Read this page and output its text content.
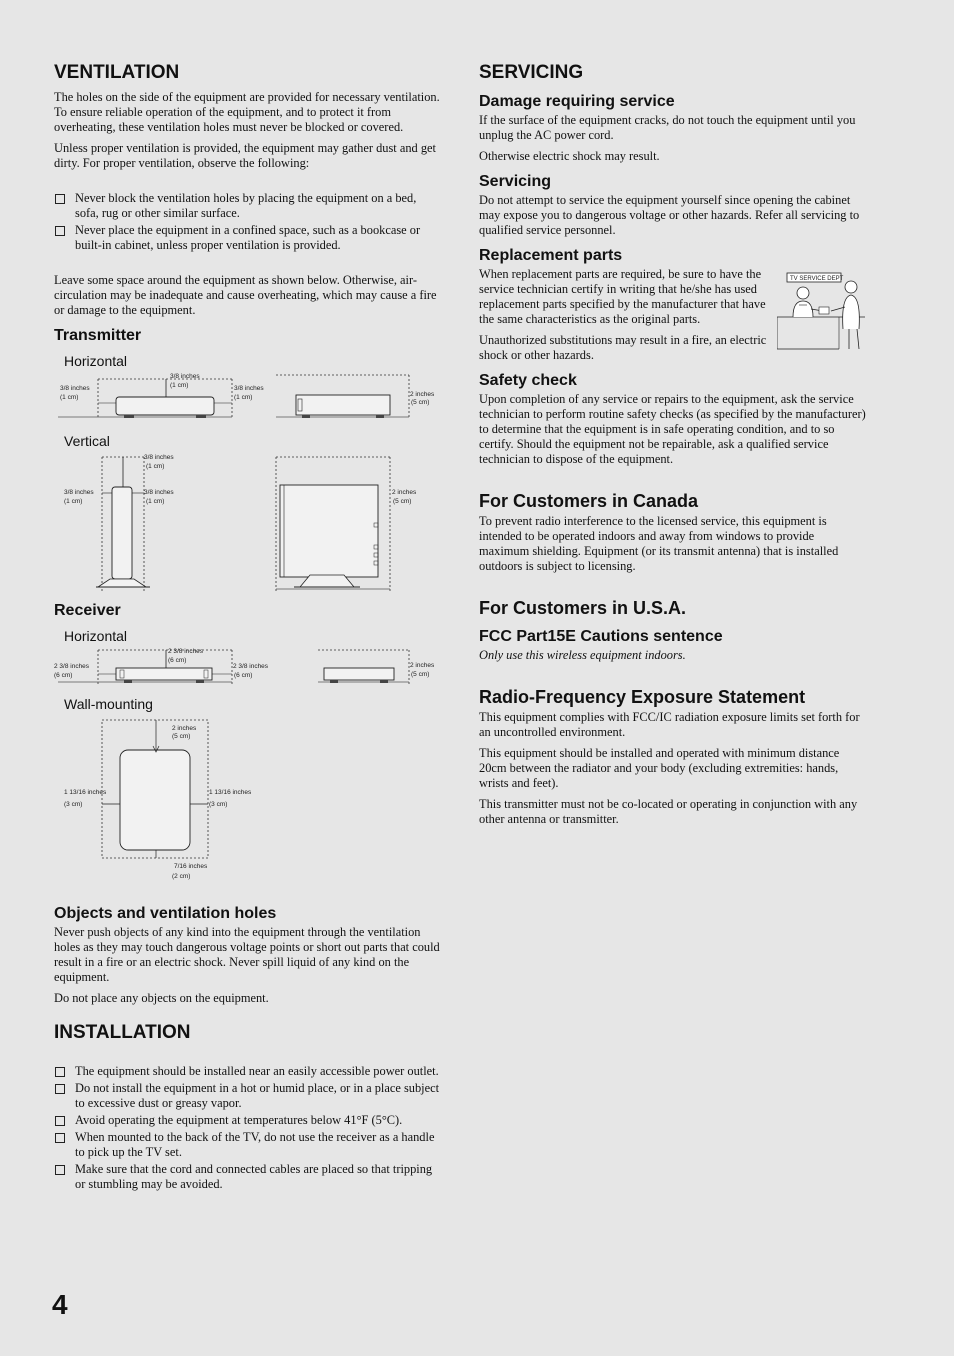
VENTILATION

The holes on the side of the equipment are provided for necessary ventilation. To ensure reliable operation of the equipment, and to protect it from overheating, these ventilation holes must never be blocked or covered.

Unless proper ventilation is provided, the equipment may gather dust and get dirty. For proper ventilation, observe the following:

Never block the ventilation holes by placing the equipment on a bed, sofa, rug or other similar surface.
Never place the equipment in a confined space, such as a bookcase or built-in cabinet, unless proper ventilation is provided.

Leave some space around the equipment as shown below. Otherwise, air-circulation may be inadequate and cause overheating, which may cause a fire or damage to the equipment.

Transmitter
Horizontal
3/8 inches
(1 cm)
3/8 inches
(1 cm)	3/8 inches
(1 cm)	2 inches
(5 cm)
Vertical
3/8 inches
(1 cm)
3/8 inches
(1 cm)
3/8 inches
(1 cm)
2 inches
(5 cm)
Receiver
Horizontal
2 3/8 inches
(6 cm)
2 3/8 inches
(6 cm)
2 3/8 inches
(6 cm)
2 inches
(5 cm)
Wall-mounting
2 inches
(5 cm)
1 13/16 inches
(3 cm)
1 13/16 inches
(3 cm)
7/16 inches
(2 cm)
Objects and ventilation holes

Never push objects of any kind into the equipment through the ventilation holes as they may touch dangerous voltage points or short out parts that could result in a fire or an electric shock. Never spill liquid of any kind on the equipment.

Do not place any objects on the equipment.

INSTALLATION
The equipment should be installed near an easily accessible power outlet.
Do not install the equipment in a hot or humid place, or in a place subject to excessive dust or greasy vapor.
Avoid operating the equipment at temperatures below 41°F (5°C).
When mounted to the back of the TV, do not use the receiver as a handle to pick up the TV set.
Make sure that the cord and connected cables are placed so that tripping or stumbling may be avoided.
SERVICING
Damage requiring service

If the surface of the equipment cracks, do not touch the equipment until you unplug the AC power cord.

Otherwise electric shock may result.

Servicing

Do not attempt to service the equipment yourself since opening the cabinet may expose you to dangerous voltage or other hazards. Refer all servicing to qualified service personnel.

Replacement parts

When replacement parts are required, be sure to have the service technician certify in writing that he/she has used replacement parts specified by the manufacturer that have the same characteristics as the original parts.

Unauthorized substitutions may result in a fire, an electric shock or other hazards.

TV SERVICE DEPT
Safety check

Upon completion of any service or repairs to the equipment, ask the service technician to perform routine safety checks (as specified by the manufacturer) to determine that the equipment is in safe operating condition, and to so certify. Should the equipment not be repairable, ask a qualified service technician to dispose of the equipment.

For Customers in Canada

To prevent radio interference to the licensed service, this equipment is intended to be operated indoors and away from windows to provide maximum shielding. Equipment (or its transmit antenna) that is installed outdoors is subject to licensing.

For Customers in U.S.A.
FCC Part15E Cautions sentence

Only use this wireless equipment indoors.

Radio-Frequency Exposure Statement

This equipment complies with FCC/IC radiation exposure limits set forth for an uncontrolled environment.

This equipment should be installed and operated with minimum distance 20cm between the radiator and your body (excluding extremities: hands, wrists and feet).

This transmitter must not be co-located or operating in conjunction with any other antenna or transmitter.

4
